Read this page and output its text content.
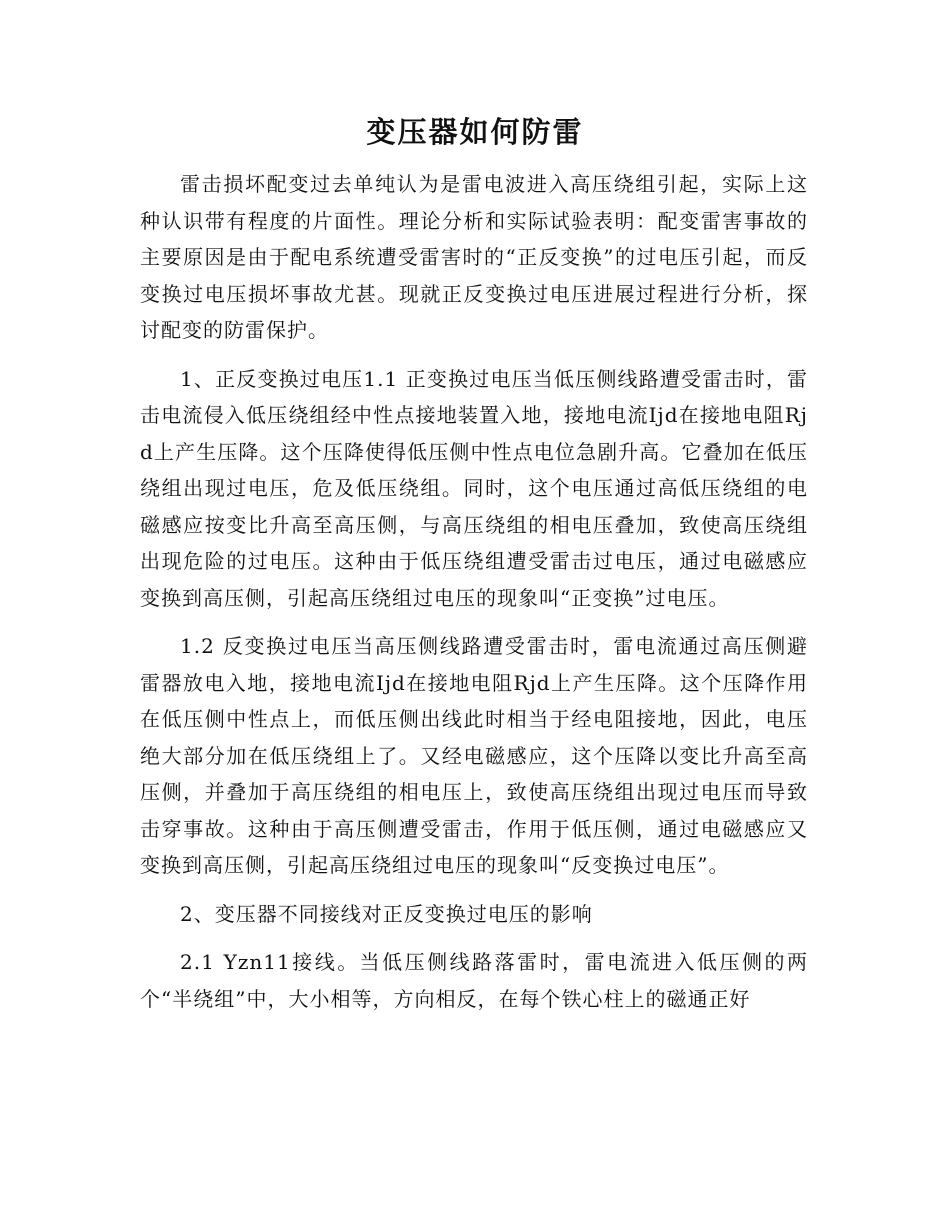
变压器如何防雷

雷击损坏配变过去单纯认为是雷电波进入高压绕组引起，实际上这种认识带有程度的片面性。理论分析和实际试验表明：配变雷害事故的主要原因是由于配电系统遭受雷害时的“正反变换”的过电压引起，而反变换过电压损坏事故尤甚。现就正反变换过电压进展过程进行分析，探讨配变的防雷保护。

1、正反变换过电压1.1 正变换过电压当低压侧线路遭受雷击时，雷击电流侵入低压绕组经中性点接地装置入地，接地电流Ijd在接地电阻Rjd上产生压降。这个压降使得低压侧中性点电位急剧升高。它叠加在低压绕组出现过电压，危及低压绕组。同时，这个电压通过高低压绕组的电磁感应按变比升高至高压侧，与高压绕组的相电压叠加，致使高压绕组出现危险的过电压。这种由于低压绕组遭受雷击过电压，通过电磁感应变换到高压侧，引起高压绕组过电压的现象叫“正变换”过电压。

1.2 反变换过电压当高压侧线路遭受雷击时，雷电流通过高压侧避雷器放电入地，接地电流Ijd在接地电阻Rjd上产生压降。这个压降作用在低压侧中性点上，而低压侧出线此时相当于经电阻接地，因此，电压绝大部分加在低压绕组上了。又经电磁感应，这个压降以变比升高至高压侧，并叠加于高压绕组的相电压上，致使高压绕组出现过电压而导致击穿事故。这种由于高压侧遭受雷击，作用于低压侧，通过电磁感应又变换到高压侧，引起高压绕组过电压的现象叫“反变换过电压”。

2、变压器不同接线对正反变换过电压的影响

2.1 Yzn11接线。当低压侧线路落雷时，雷电流进入低压侧的两个“半绕组”中，大小相等，方向相反，在每个铁心柱上的磁通正好
